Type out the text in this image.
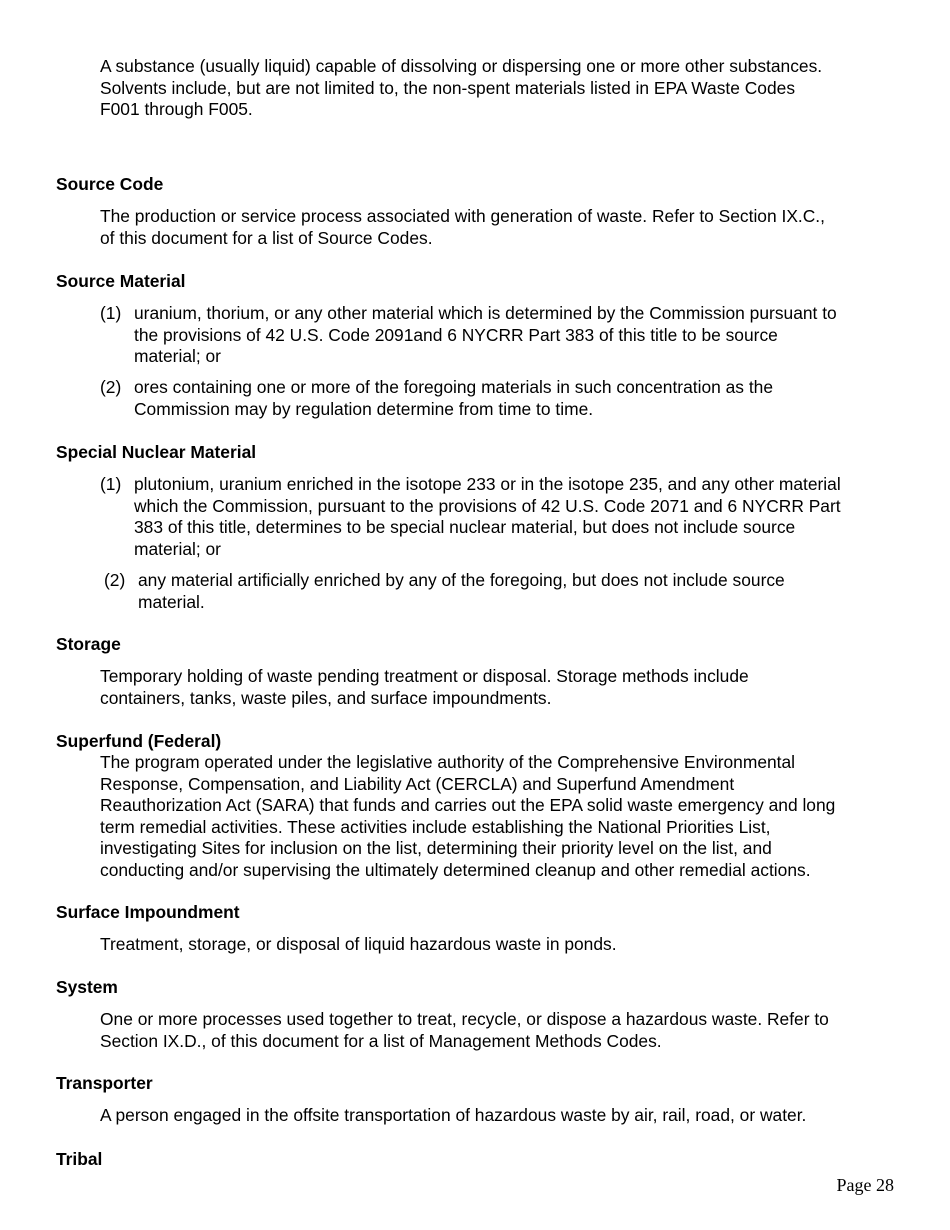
A substance (usually liquid) capable of dissolving or dispersing one or more other substances.
Solvents include, but are not limited to, the non-spent materials listed in EPA Waste Codes
F001 through F005.

Source Code

The production or service process associated with generation of waste. Refer to Section IX.C.,
of this document for a list of Source Codes.

Source Material
(1) uranium, thorium, or any other material which is determined by the Commission pursuant to
the provisions of 42 U.S. Code 2091and 6 NYCRR Part 383 of this title to be source
material; or

(2) ores containing one or more of the foregoing materials in such concentration as the
Commission may by regulation determine from time to time.

Special Nuclear Material
(1) plutonium, uranium enriched in the isotope 233 or in the isotope 235, and any other material
which the Commission, pursuant to the provisions of 42 U.S. Code 2071 and 6 NYCRR Part
383 of this title, determines to be special nuclear material, but does not include source
material; or

(2) any material artificially enriched by any of the foregoing, but does not include source
material.

Storage

Temporary holding of waste pending treatment or disposal. Storage methods include
containers, tanks, waste piles, and surface impoundments.

Superfund (Federal)

The program operated under the legislative authority of the Comprehensive Environmental
Response, Compensation, and Liability Act (CERCLA) and Superfund Amendment
Reauthorization Act (SARA) that funds and carries out the EPA solid waste emergency and long
term remedial activities. These activities include establishing the National Priorities List,
investigating Sites for inclusion on the list, determining their priority level on the list, and
conducting and/or supervising the ultimately determined cleanup and other remedial actions.

Surface Impoundment

Treatment, storage, or disposal of liquid hazardous waste in ponds.

System

One or more processes used together to treat, recycle, or dispose a hazardous waste. Refer to
Section IX.D., of this document for a list of Management Methods Codes.

Transporter

A person engaged in the offsite transportation of hazardous waste by air, rail, road, or water.

Tribal
Page 28
